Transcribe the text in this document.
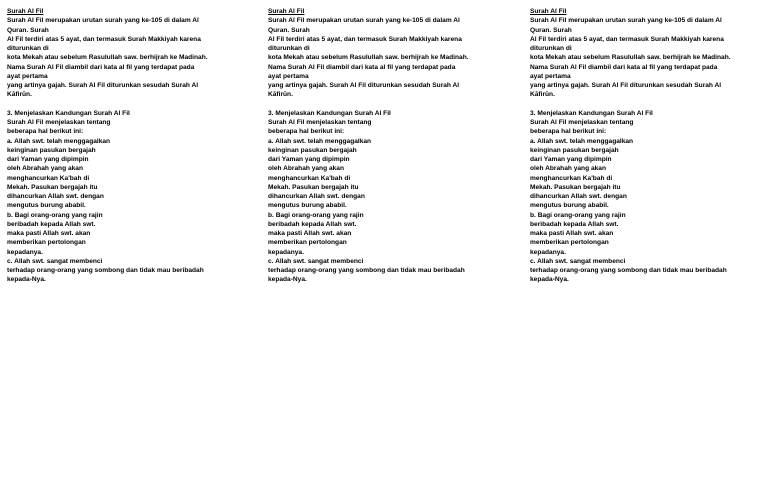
Surah Al Fil
Surah Al Fil merupakan urutan surah yang ke-105 di dalam Al
Quran. Surah
Al Fil terdiri atas 5 ayat, dan termasuk Surah Makkiyah karena
diturunkan di
kota Mekah atau sebelum Rasulullah saw. berhijrah ke Madinah.
Nama Surah Al Fil diambil dari kata al fil yang terdapat pada
ayat pertama
yang artinya gajah. Surah Al Fil diturunkan sesudah Surah Al
Kāfirūn.
3. Menjelaskan Kandungan Surah Al Fil
Surah Al Fil menjelaskan tentang
beberapa hal berikut ini:
a. Allah swt. telah menggagalkan
keinginan pasukan bergajah
dari Yaman yang dipimpin
oleh Abrahah yang akan
menghancurkan Ka'bah di
Mekah. Pasukan bergajah itu
dihancurkan Allah swt. dengan
mengutus burung ababil.
b. Bagi orang-orang yang rajin
beribadah kepada Allah swt.
maka pasti Allah swt. akan
memberikan pertolongan
kepadanya.
c. Allah swt. sangat membenci
terhadap orang-orang yang sombong dan tidak mau beribadah
kepada-Nya.
Surah Al Fil
Surah Al Fil merupakan urutan surah yang ke-105 di dalam Al
Quran. Surah
Al Fil terdiri atas 5 ayat, dan termasuk Surah Makkiyah karena
diturunkan di
kota Mekah atau sebelum Rasulullah saw. berhijrah ke Madinah.
Nama Surah Al Fil diambil dari kata al fil yang terdapat pada
ayat pertama
yang artinya gajah. Surah Al Fil diturunkan sesudah Surah Al
Kāfirūn.
3. Menjelaskan Kandungan Surah Al Fil
Surah Al Fil menjelaskan tentang
beberapa hal berikut ini:
a. Allah swt. telah menggagalkan
keinginan pasukan bergajah
dari Yaman yang dipimpin
oleh Abrahah yang akan
menghancurkan Ka'bah di
Mekah. Pasukan bergajah itu
dihancurkan Allah swt. dengan
mengutus burung ababil.
b. Bagi orang-orang yang rajin
beribadah kepada Allah swt.
maka pasti Allah swt. akan
memberikan pertolongan
kepadanya.
c. Allah swt. sangat membenci
terhadap orang-orang yang sombong dan tidak mau beribadah
kepada-Nya.
Surah Al Fil
Surah Al Fil merupakan urutan surah yang ke-105 di dalam Al
Quran. Surah
Al Fil terdiri atas 5 ayat, dan termasuk Surah Makkiyah karena
diturunkan di
kota Mekah atau sebelum Rasulullah saw. berhijrah ke Madinah.
Nama Surah Al Fil diambil dari kata al fil yang terdapat pada
ayat pertama
yang artinya gajah. Surah Al Fil diturunkan sesudah Surah Al
Kāfirūn.
3. Menjelaskan Kandungan Surah Al Fil
Surah Al Fil menjelaskan tentang
beberapa hal berikut ini:
a. Allah swt. telah menggagalkan
keinginan pasukan bergajah
dari Yaman yang dipimpin
oleh Abrahah yang akan
menghancurkan Ka'bah di
Mekah. Pasukan bergajah itu
dihancurkan Allah swt. dengan
mengutus burung ababil.
b. Bagi orang-orang yang rajin
beribadah kepada Allah swt.
maka pasti Allah swt. akan
memberikan pertolongan
kepadanya.
c. Allah swt. sangat membenci
terhadap orang-orang yang sombong dan tidak mau beribadah
kepada-Nya.
